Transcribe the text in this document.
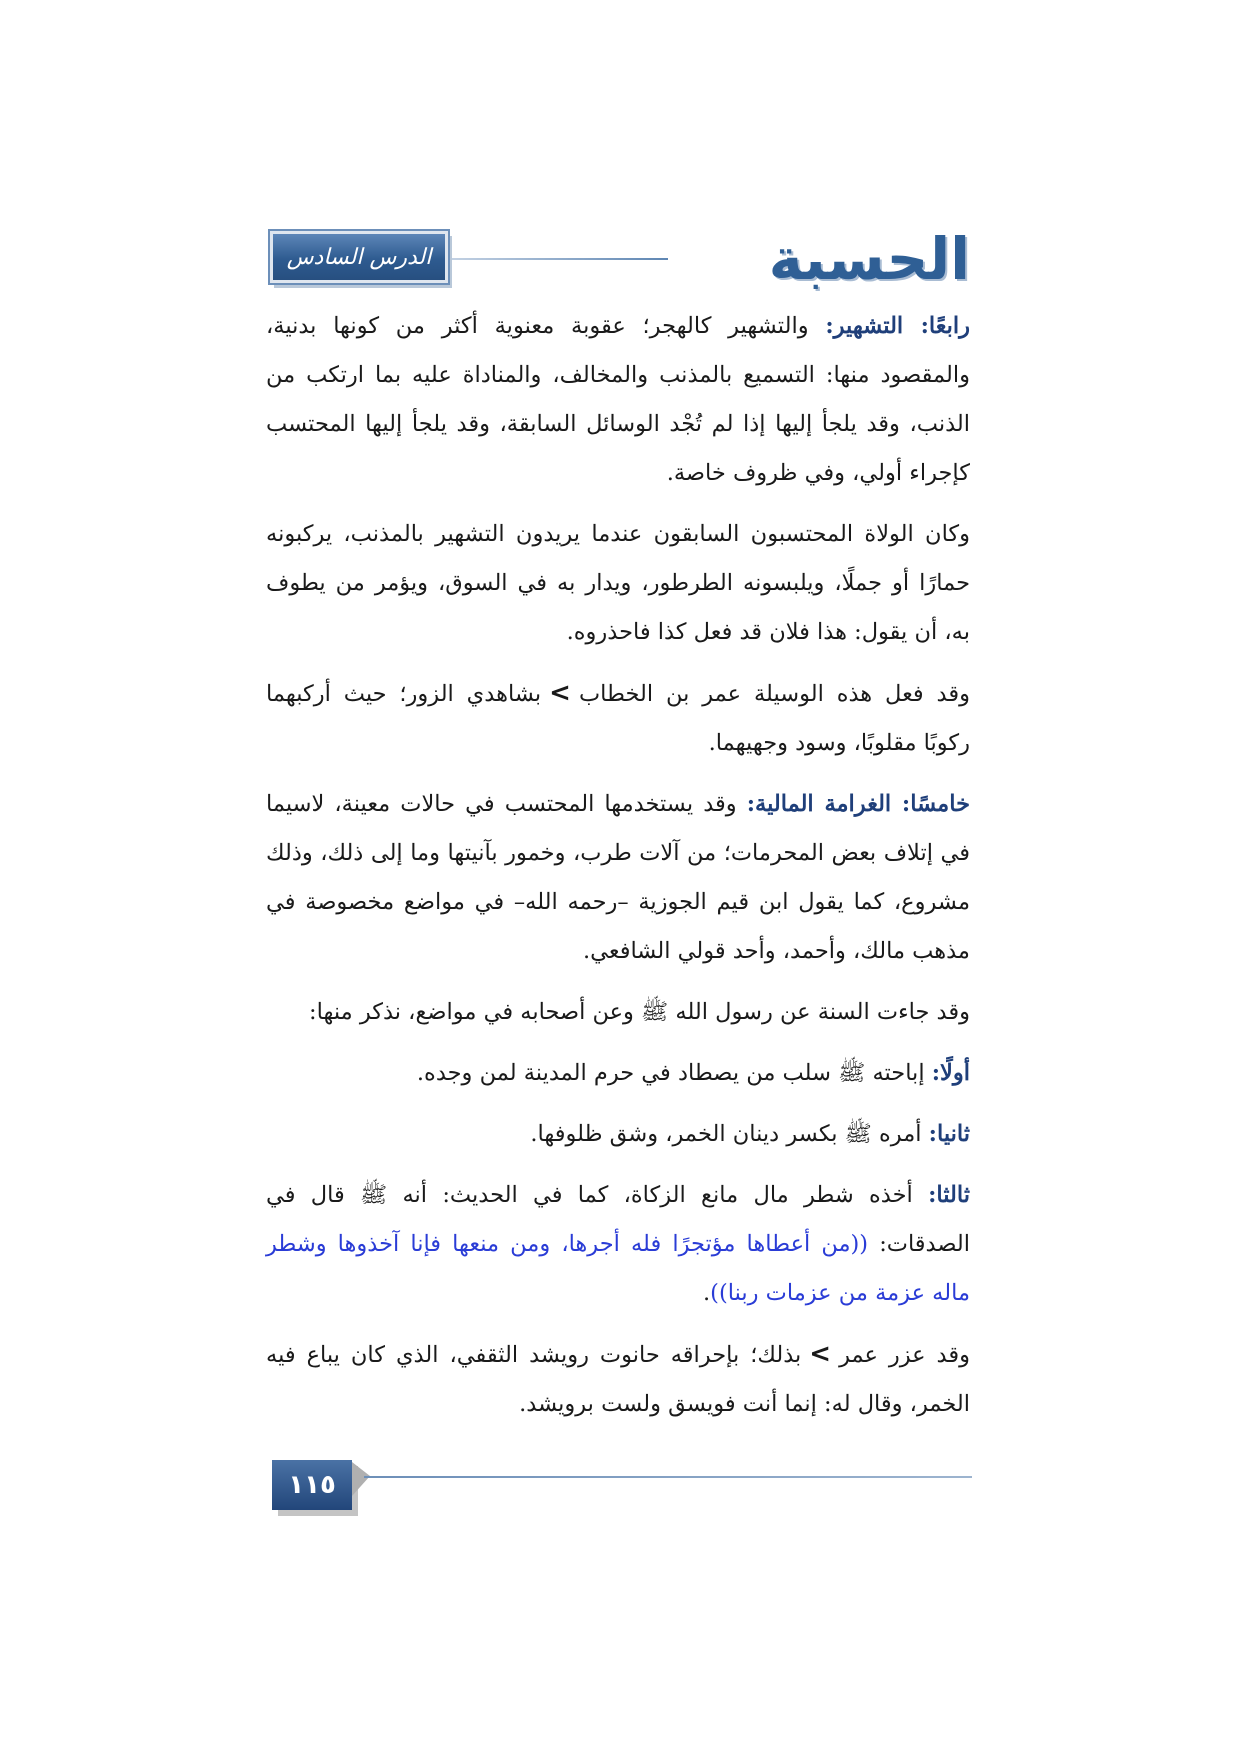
الحسبة
الدرس السادس

رابعًا: التشهير: والتشهير كالهجر؛ عقوبة معنوية أكثر من كونها بدنية، والمقصود منها: التسميع بالمذنب والمخالف، والمناداة عليه بما ارتكب من الذنب، وقد يلجأ إليها إذا لم تُجْد الوسائل السابقة، وقد يلجأ إليها المحتسب كإجراء أولي، وفي ظروف خاصة.

وكان الولاة المحتسبون السابقون عندما يريدون التشهير بالمذنب، يركبونه حمارًا أو جملًا، ويلبسونه الطرطور، ويدار به في السوق، ويؤمر من يطوف به، أن يقول: هذا فلان قد فعل كذا فاحذروه.

وقد فعل هذه الوسيلة عمر بن الخطاب>بشاهدي الزور؛ حيث أركبهما ركوبًا مقلوبًا، وسود وجهيهما.

خامسًا: الغرامة المالية: وقد يستخدمها المحتسب في حالات معينة، لاسيما في إتلاف بعض المحرمات؛ من آلات طرب، وخمور بآنيتها وما إلى ذلك، وذلك مشروع، كما يقول ابن قيم الجوزية –رحمه الله– في مواضع مخصوصة في مذهب مالك، وأحمد، وأحد قولي الشافعي.

وقد جاءت السنة عن رسول الله ﷺ وعن أصحابه في مواضع، نذكر منها:

أولًا: إباحته ﷺ سلب من يصطاد في حرم المدينة لمن وجده.

ثانيا: أمره ﷺ بكسر دينان الخمر، وشق ظلوفها.

ثالثا: أخذه شطر مال مانع الزكاة، كما في الحديث: أنه ﷺ قال في الصدقات: ((من أعطاها مؤتجرًا فله أجرها، ومن منعها فإنا آخذوها وشطر ماله عزمة من عزمات ربنا)).

وقد عزر عمر>بذلك؛ بإحراقه حانوت رويشد الثقفي، الذي كان يباع فيه الخمر، وقال له: إنما أنت فويسق ولست برويشد.

١١٥
